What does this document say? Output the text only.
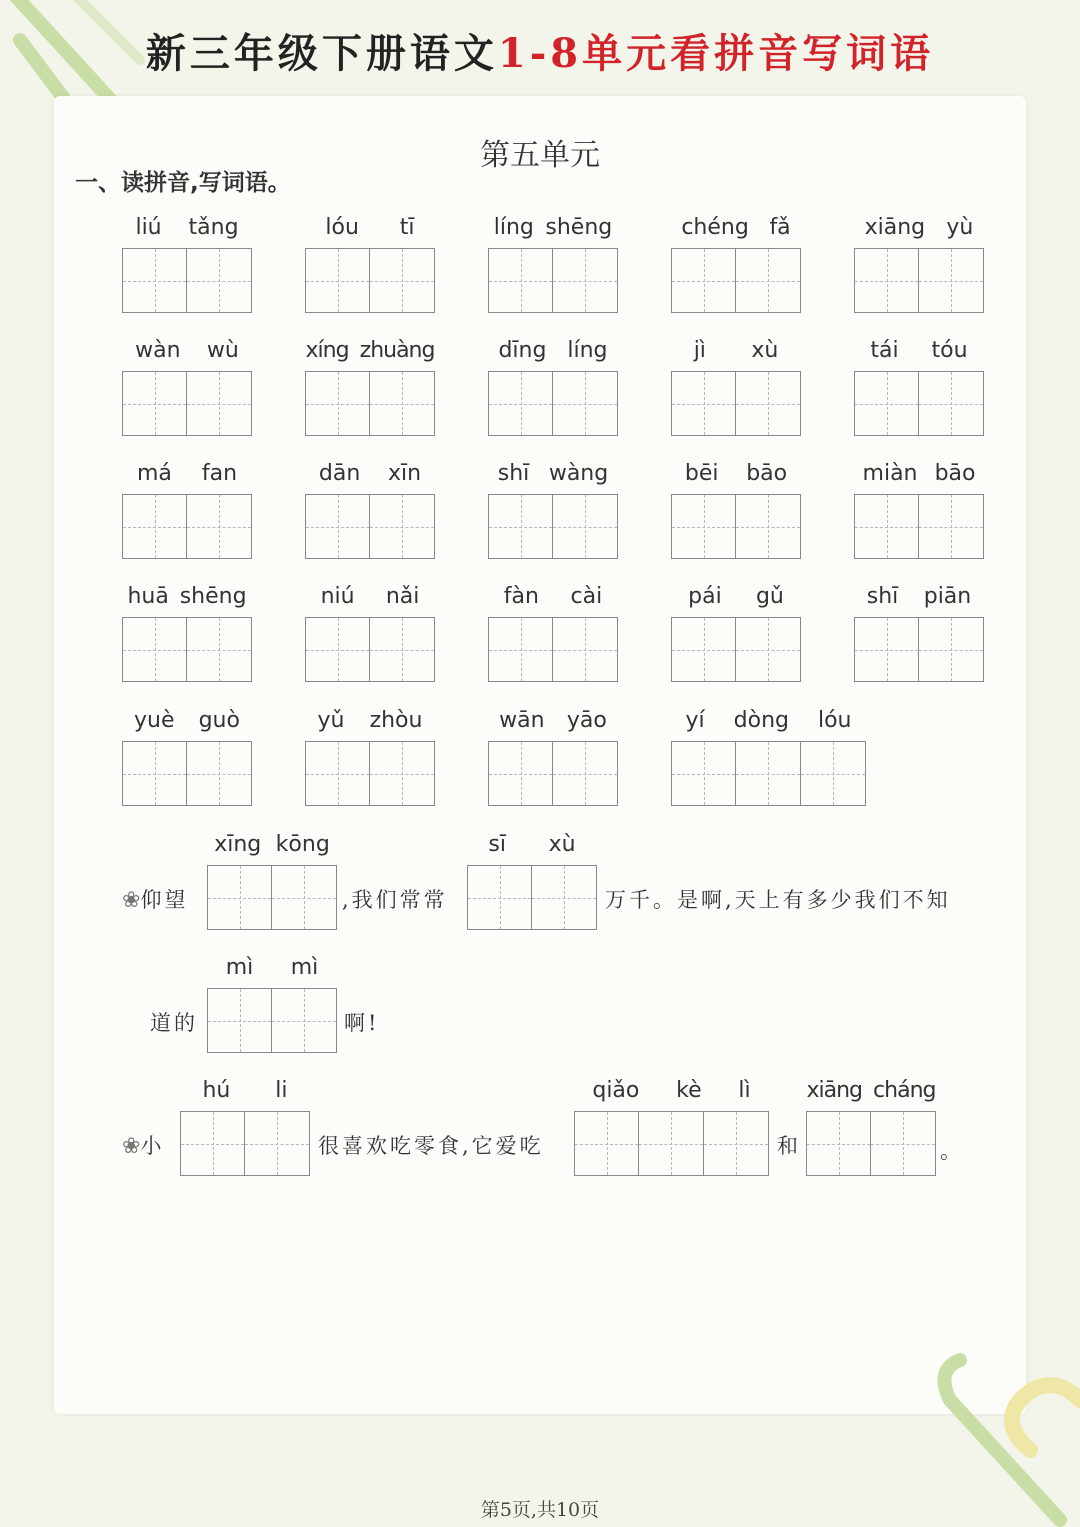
新三年级下册语文1-8单元看拼音写词语
第五单元
一、读拼音,写词语。
liú tǎng	lóu tī	líng shēng	chéng fǎ	xiāng yù
wàn wù	xíng zhuàng	dīng líng	jì xù	tái tóu
má fan	dān xīn	shī wàng	bēi bāo	miàn bāo
huā shēng	niú nǎi	fàn cài	pái gǔ	shī piān
yuè guò	yǔ zhòu	wān yāo	yí dòng lóu
❀仰望
xīng kōng
,我们常常
sī xù
万千。是啊,天上有多少我们不知
道的
mì mì
啊!
❀小
hú li
很喜欢吃零食,它爱吃
qiǎo kè lì
和
xiāng cháng
。
第5页,共10页
